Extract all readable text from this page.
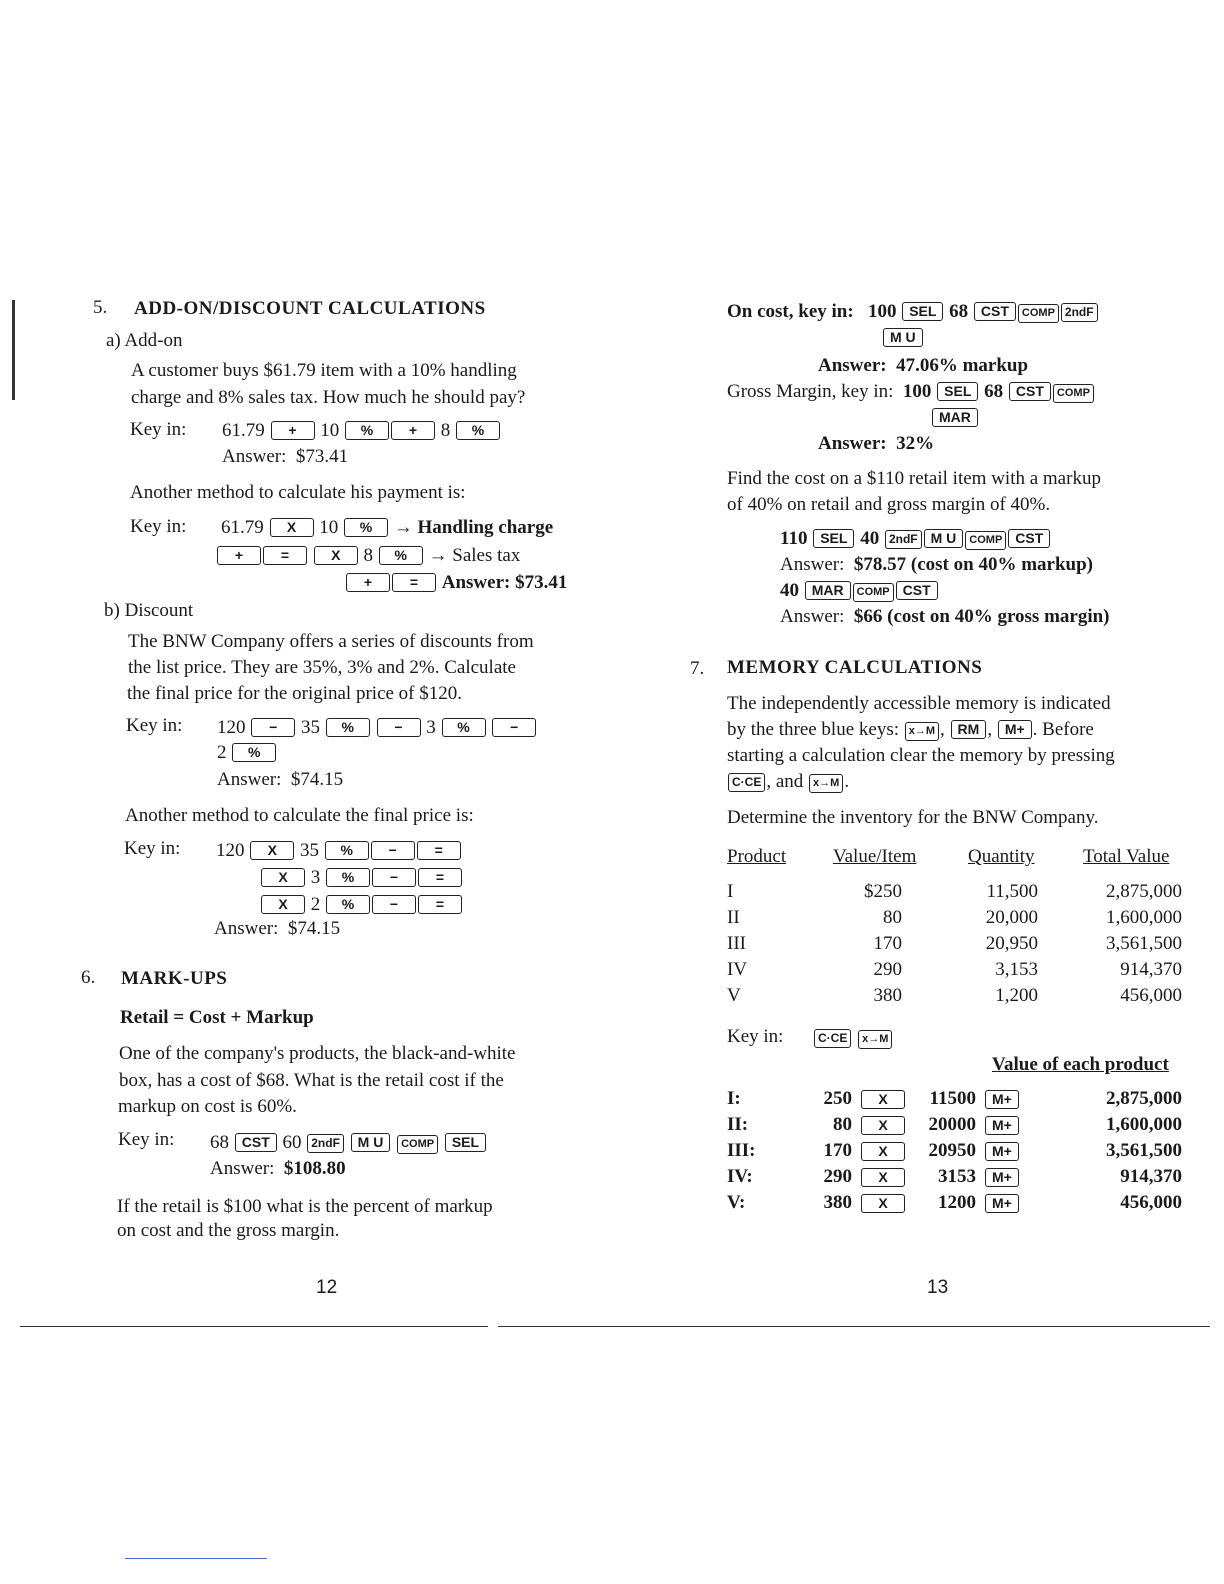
5. ADD-ON/DISCOUNT CALCULATIONS
a) Add-on
A customer buys $61.79 item with a 10% handling
charge and 8% sales tax. How much he should pay?
Key in: 61.79 + 10 %	+ 8 %
Answer: $73.41
Another method to calculate his payment is:
Key in: 61.79 X 10 % → Handling charge
+	=	X 8 % → Sales tax
+	= Answer: $73.41
b) Discount
The BNW Company offers a series of discounts from
the list price. They are 35%, 3% and 2%. Calculate
the final price for the original price of $120.
Key in: 120 − 35 %	− 3 %	−
2 %
Answer: $74.15
Another method to calculate the final price is:
Key in: 120 X 35 %	−	=
X 3 %	−	=
X 2 %	−	=
Answer: $74.15
6. MARK-UPS
Retail = Cost + Markup
One of the company's products, the black-and-white
box, has a cost of $68. What is the retail cost if the
markup on cost is 60%.
Key in: 68 CST 60 2ndF M U COMP SEL
Answer: $108.80
If the retail is $100 what is the percent of markup
on cost and the gross margin.
12
On cost, key in: 100 SEL 68 CST COMP 2ndF
M U
Answer: 47.06% markup
Gross Margin, key in: 100 SEL 68 CST COMP
MAR
Answer: 32%
Find the cost on a $110 retail item with a markup
of 40% on retail and gross margin of 40%.
110 SEL 40 2ndF M U COMP CST
Answer: $78.57 (cost on 40% markup)
40 MAR COMP CST
Answer: $66 (cost on 40% gross margin)
7. MEMORY CALCULATIONS
The independently accessible memory is indicated
by the three blue keys: x→M , RM , M+ . Before
starting a calculation clear the memory by pressing
C·CE , and x→M .
Determine the inventory for the BNW Company.
Product Value/Item	Quantity	Total Value
I	$250	11,500	2,875,000
II	80	20,000	1,600,000
III	170	20,950	3,561,500
IV	290	3,153	914,370
V	380	1,200	456,000
Key in:	C·CE x→M
Value of each product
I:	250	X	11500	M+	2,875,000
II:	80	X	20000	M+	1,600,000
III:	170	X	20950	M+	3,561,500
IV:	290	X	3153	M+	914,370
V:	380	X	1200	M+	456,000
13
